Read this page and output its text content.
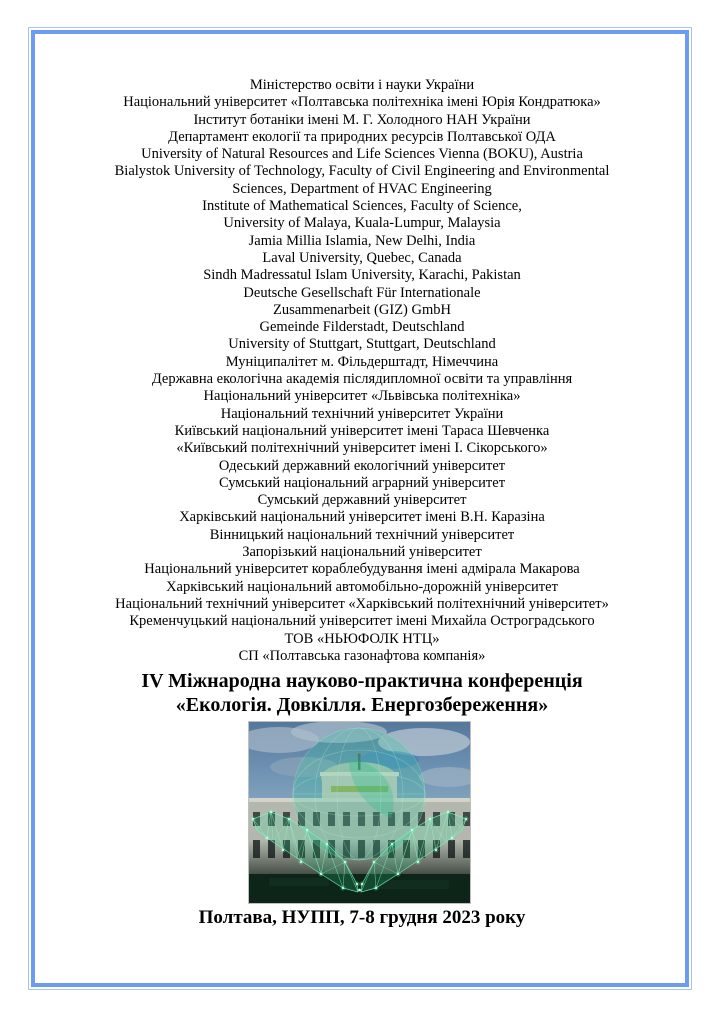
Міністерство освіти і науки України
Національний університет «Полтавська політехніка імені Юрія Кондратюка»
Інститут ботаніки імені М. Г. Холодного НАН України
Департамент екології та природних ресурсів Полтавської ОДА
University of Natural Resources and Life Sciences Vienna (BOKU), Austria
Bialystok University of Technology, Faculty of Civil Engineering and Environmental
Sciences, Department of HVAC Engineering
Institute of Mathematical Sciences, Faculty of Science,
University of Malaya, Kuala-Lumpur, Malaysia
Jamia Millia Islamia, New Delhi, India
Laval University, Quebec, Canada
Sindh Madressatul Islam University, Karachi, Pakistan
Deutsche Gesellschaft Für Internationale
Zusammenarbeit (GIZ) GmbH
Gemeinde Filderstadt, Deutschland
University of Stuttgart, Stuttgart, Deutschland
Муніципалітет м. Фільдерштадт, Німеччина
Державна екологічна академія післядипломної освіти та управління
Національний університет «Львівська політехніка»
Національний технічний університет України
Київський національний університет імені Тараса Шевченка
«Київський політехнічний університет імені І. Сікорського»
Одеський державний екологічний університет
Сумський національний аграрний університет
Сумський державний університет
Харківський національний університет імені В.Н. Каразіна
Вінницький національний технічний університет
Запорізький національний університет
Національний університет кораблебудування імені адмірала Макарова
Харківський національний автомобільно-дорожній університет
Національний технічний університет «Харківський політехнічний університет»
Кременчуцький національний університет імені Михайла Остроградського
ТОВ «НЬЮФОЛК НТЦ»
СП «Полтавська газонафтова компанія»
IV Міжнародна науково-практична конференція
«Екологія. Довкілля. Енергозбереження»
Полтава, НУПП, 7-8 грудня 2023 року
